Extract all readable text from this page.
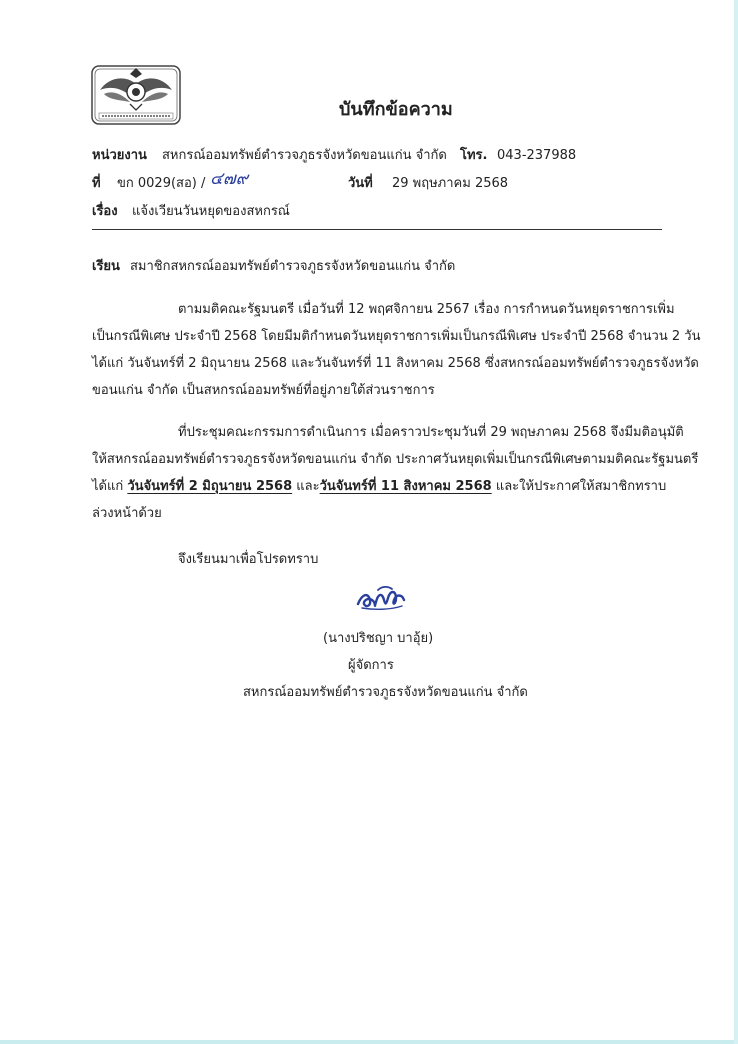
บันทึกข้อความ
หน่วยงาน สหกรณ์ออมทรัพย์ตำรวจภูธรจังหวัดขอนแก่น จำกัด โทร. 043-237988
ที่ ขก 0029(สอ) / ๔๗๙	วันที่ 29 พฤษภาคม 2568
เรื่อง แจ้งเวียนวันหยุดของสหกรณ์
เรียน สมาชิกสหกรณ์ออมทรัพย์ตำรวจภูธรจังหวัดขอนแก่น จำกัด
ตามมติคณะรัฐมนตรี เมื่อวันที่ 12 พฤศจิกายน 2567 เรื่อง การกำหนดวันหยุดราชการเพิ่ม
เป็นกรณีพิเศษ ประจำปี 2568 โดยมีมติกำหนดวันหยุดราชการเพิ่มเป็นกรณีพิเศษ ประจำปี 2568 จำนวน 2 วัน
ได้แก่ วันจันทร์ที่ 2 มิถุนายน 2568 และวันจันทร์ที่ 11 สิงหาคม 2568 ซึ่งสหกรณ์ออมทรัพย์ตำรวจภูธรจังหวัด
ขอนแก่น จำกัด เป็นสหกรณ์ออมทรัพย์ที่อยู่ภายใต้ส่วนราชการ
ที่ประชุมคณะกรรมการดำเนินการ เมื่อคราวประชุมวันที่ 29 พฤษภาคม 2568 จึงมีมติอนุมัติ
ให้สหกรณ์ออมทรัพย์ตำรวจภูธรจังหวัดขอนแก่น จำกัด ประกาศวันหยุดเพิ่มเป็นกรณีพิเศษตามมติคณะรัฐมนตรี
ได้แก่ วันจันทร์ที่ 2 มิถุนายน 2568 และวันจันทร์ที่ 11 สิงหาคม 2568 และให้ประกาศให้สมาชิกทราบ
ล่วงหน้าด้วย
จึงเรียนมาเพื่อโปรดทราบ
(นางปริชญา บาอุ้ย)
ผู้จัดการ
สหกรณ์ออมทรัพย์ตำรวจภูธรจังหวัดขอนแก่น จำกัด
